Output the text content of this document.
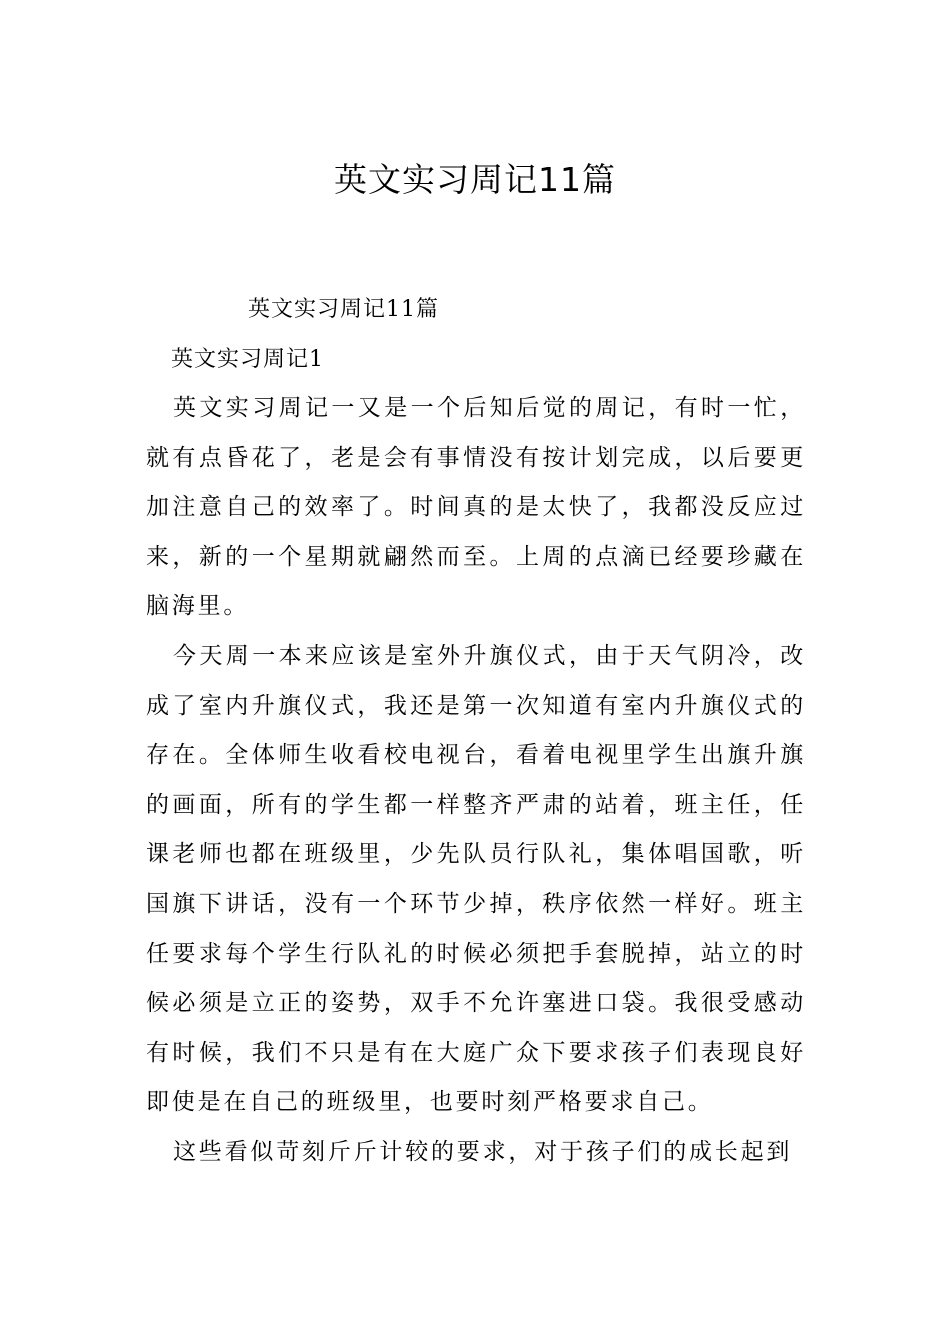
英文实习周记11篇

英文实习周记11篇

英文实习周记1

英文实习周记一又是一个后知后觉的周记，有时一忙，就有点昏花了，老是会有事情没有按计划完成，以后要更加注意自己的效率了。时间真的是太快了，我都没反应过来，新的一个星期就翩然而至。上周的点滴已经要珍藏在脑海里。

今天周一本来应该是室外升旗仪式，由于天气阴冷，改成了室内升旗仪式，我还是第一次知道有室内升旗仪式的存在。全体师生收看校电视台，看着电视里学生出旗升旗的画面，所有的学生都一样整齐严肃的站着，班主任，任课老师也都在班级里，少先队员行队礼，集体唱国歌，听国旗下讲话，没有一个环节少掉，秩序依然一样好。班主任要求每个学生行队礼的时候必须把手套脱掉，站立的时候必须是立正的姿势，双手不允许塞进口袋。我很受感动有时候，我们不只是有在大庭广众下要求孩子们表现良好即使是在自己的班级里，也要时刻严格要求自己。

这些看似苛刻斤斤计较的要求，对于孩子们的成长起到
